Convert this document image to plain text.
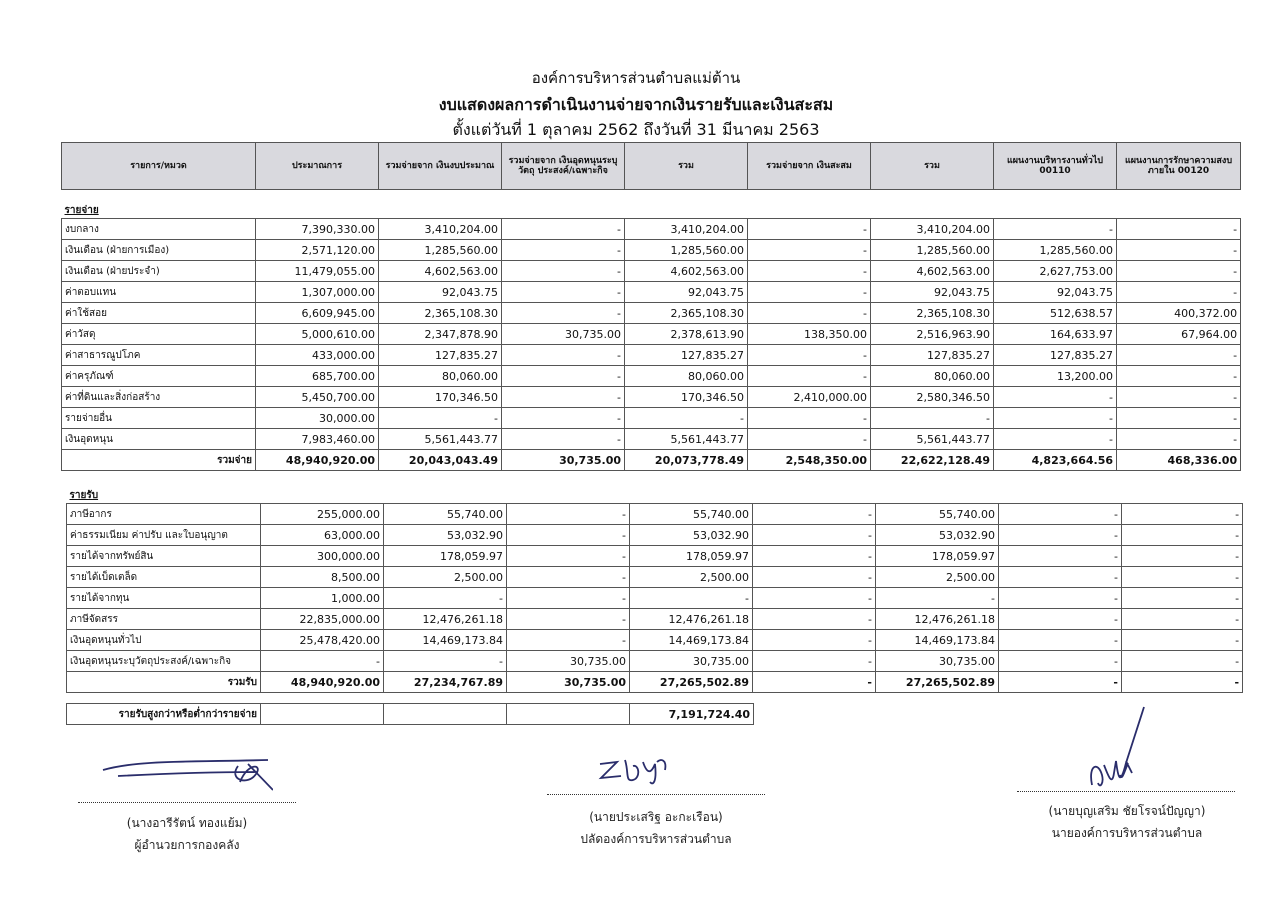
องค์การบริหารส่วนตำบลแม่ต้าน
งบแสดงผลการดำเนินงานจ่ายจากเงินรายรับและเงินสะสม
ตั้งแต่วันที่ 1 ตุลาคม 2562 ถึงวันที่ 31 มีนาคม 2563
รายการ/หมวด	ประมาณการ	รวมจ่ายจาก เงินงบประมาณ	รวมจ่ายจาก เงินอุดหนุนระบุวัตถุ ประสงค์/เฉพาะกิจ	รวม	รวมจ่ายจาก เงินสะสม	รวม	แผนงานบริหารงานทั่วไป 00110	แผนงานการรักษาความสงบภายใน 00120
รายจ่าย								
งบกลาง	7,390,330.00	3,410,204.00	-	3,410,204.00	-	3,410,204.00	-	-
เงินเดือน (ฝ่ายการเมือง)	2,571,120.00	1,285,560.00	-	1,285,560.00	-	1,285,560.00	1,285,560.00	-
เงินเดือน (ฝ่ายประจำ)	11,479,055.00	4,602,563.00	-	4,602,563.00	-	4,602,563.00	2,627,753.00	-
ค่าตอบแทน	1,307,000.00	92,043.75	-	92,043.75	-	92,043.75	92,043.75	-
ค่าใช้สอย	6,609,945.00	2,365,108.30	-	2,365,108.30	-	2,365,108.30	512,638.57	400,372.00
ค่าวัสดุ	5,000,610.00	2,347,878.90	30,735.00	2,378,613.90	138,350.00	2,516,963.90	164,633.97	67,964.00
ค่าสาธารณูปโภค	433,000.00	127,835.27	-	127,835.27	-	127,835.27	127,835.27	-
ค่าครุภัณฑ์	685,700.00	80,060.00	-	80,060.00	-	80,060.00	13,200.00	-
ค่าที่ดินและสิ่งก่อสร้าง	5,450,700.00	170,346.50	-	170,346.50	2,410,000.00	2,580,346.50	-	-
รายจ่ายอื่น	30,000.00	-	-	-	-	-	-	-
เงินอุดหนุน	7,983,460.00	5,561,443.77	-	5,561,443.77	-	5,561,443.77	-	-
รวมจ่าย	48,940,920.00	20,043,043.49	30,735.00	20,073,778.49	2,548,350.00	22,622,128.49	4,823,664.56	468,336.00
รายรับ								
ภาษีอากร	255,000.00	55,740.00	-	55,740.00	-	55,740.00	-	-
ค่าธรรมเนียม ค่าปรับ และใบอนุญาต	63,000.00	53,032.90	-	53,032.90	-	53,032.90	-	-
รายได้จากทรัพย์สิน	300,000.00	178,059.97	-	178,059.97	-	178,059.97	-	-
รายได้เบ็ดเตล็ด	8,500.00	2,500.00	-	2,500.00	-	2,500.00	-	-
รายได้จากทุน	1,000.00	-	-	-	-	-	-	-
ภาษีจัดสรร	22,835,000.00	12,476,261.18	-	12,476,261.18	-	12,476,261.18	-	-
เงินอุดหนุนทั่วไป	25,478,420.00	14,469,173.84	-	14,469,173.84	-	14,469,173.84	-	-
เงินอุดหนุนระบุวัตถุประสงค์/เฉพาะกิจ	-	-	30,735.00	30,735.00	-	30,735.00	-	-
รวมรับ	48,940,920.00	27,234,767.89	30,735.00	27,265,502.89	-	27,265,502.89	-	-
รายรับสูงกว่าหรือต่ำกว่ารายจ่าย				7,191,724.40
(นางอารีรัตน์ ทองแย้ม)
ผู้อำนวยการกองคลัง
(นายประเสริฐ อะกะเรือน)
ปลัดองค์การบริหารส่วนตำบล
(นายบุญเสริม ชัยโรจน์ปัญญา)
นายองค์การบริหารส่วนตำบล
